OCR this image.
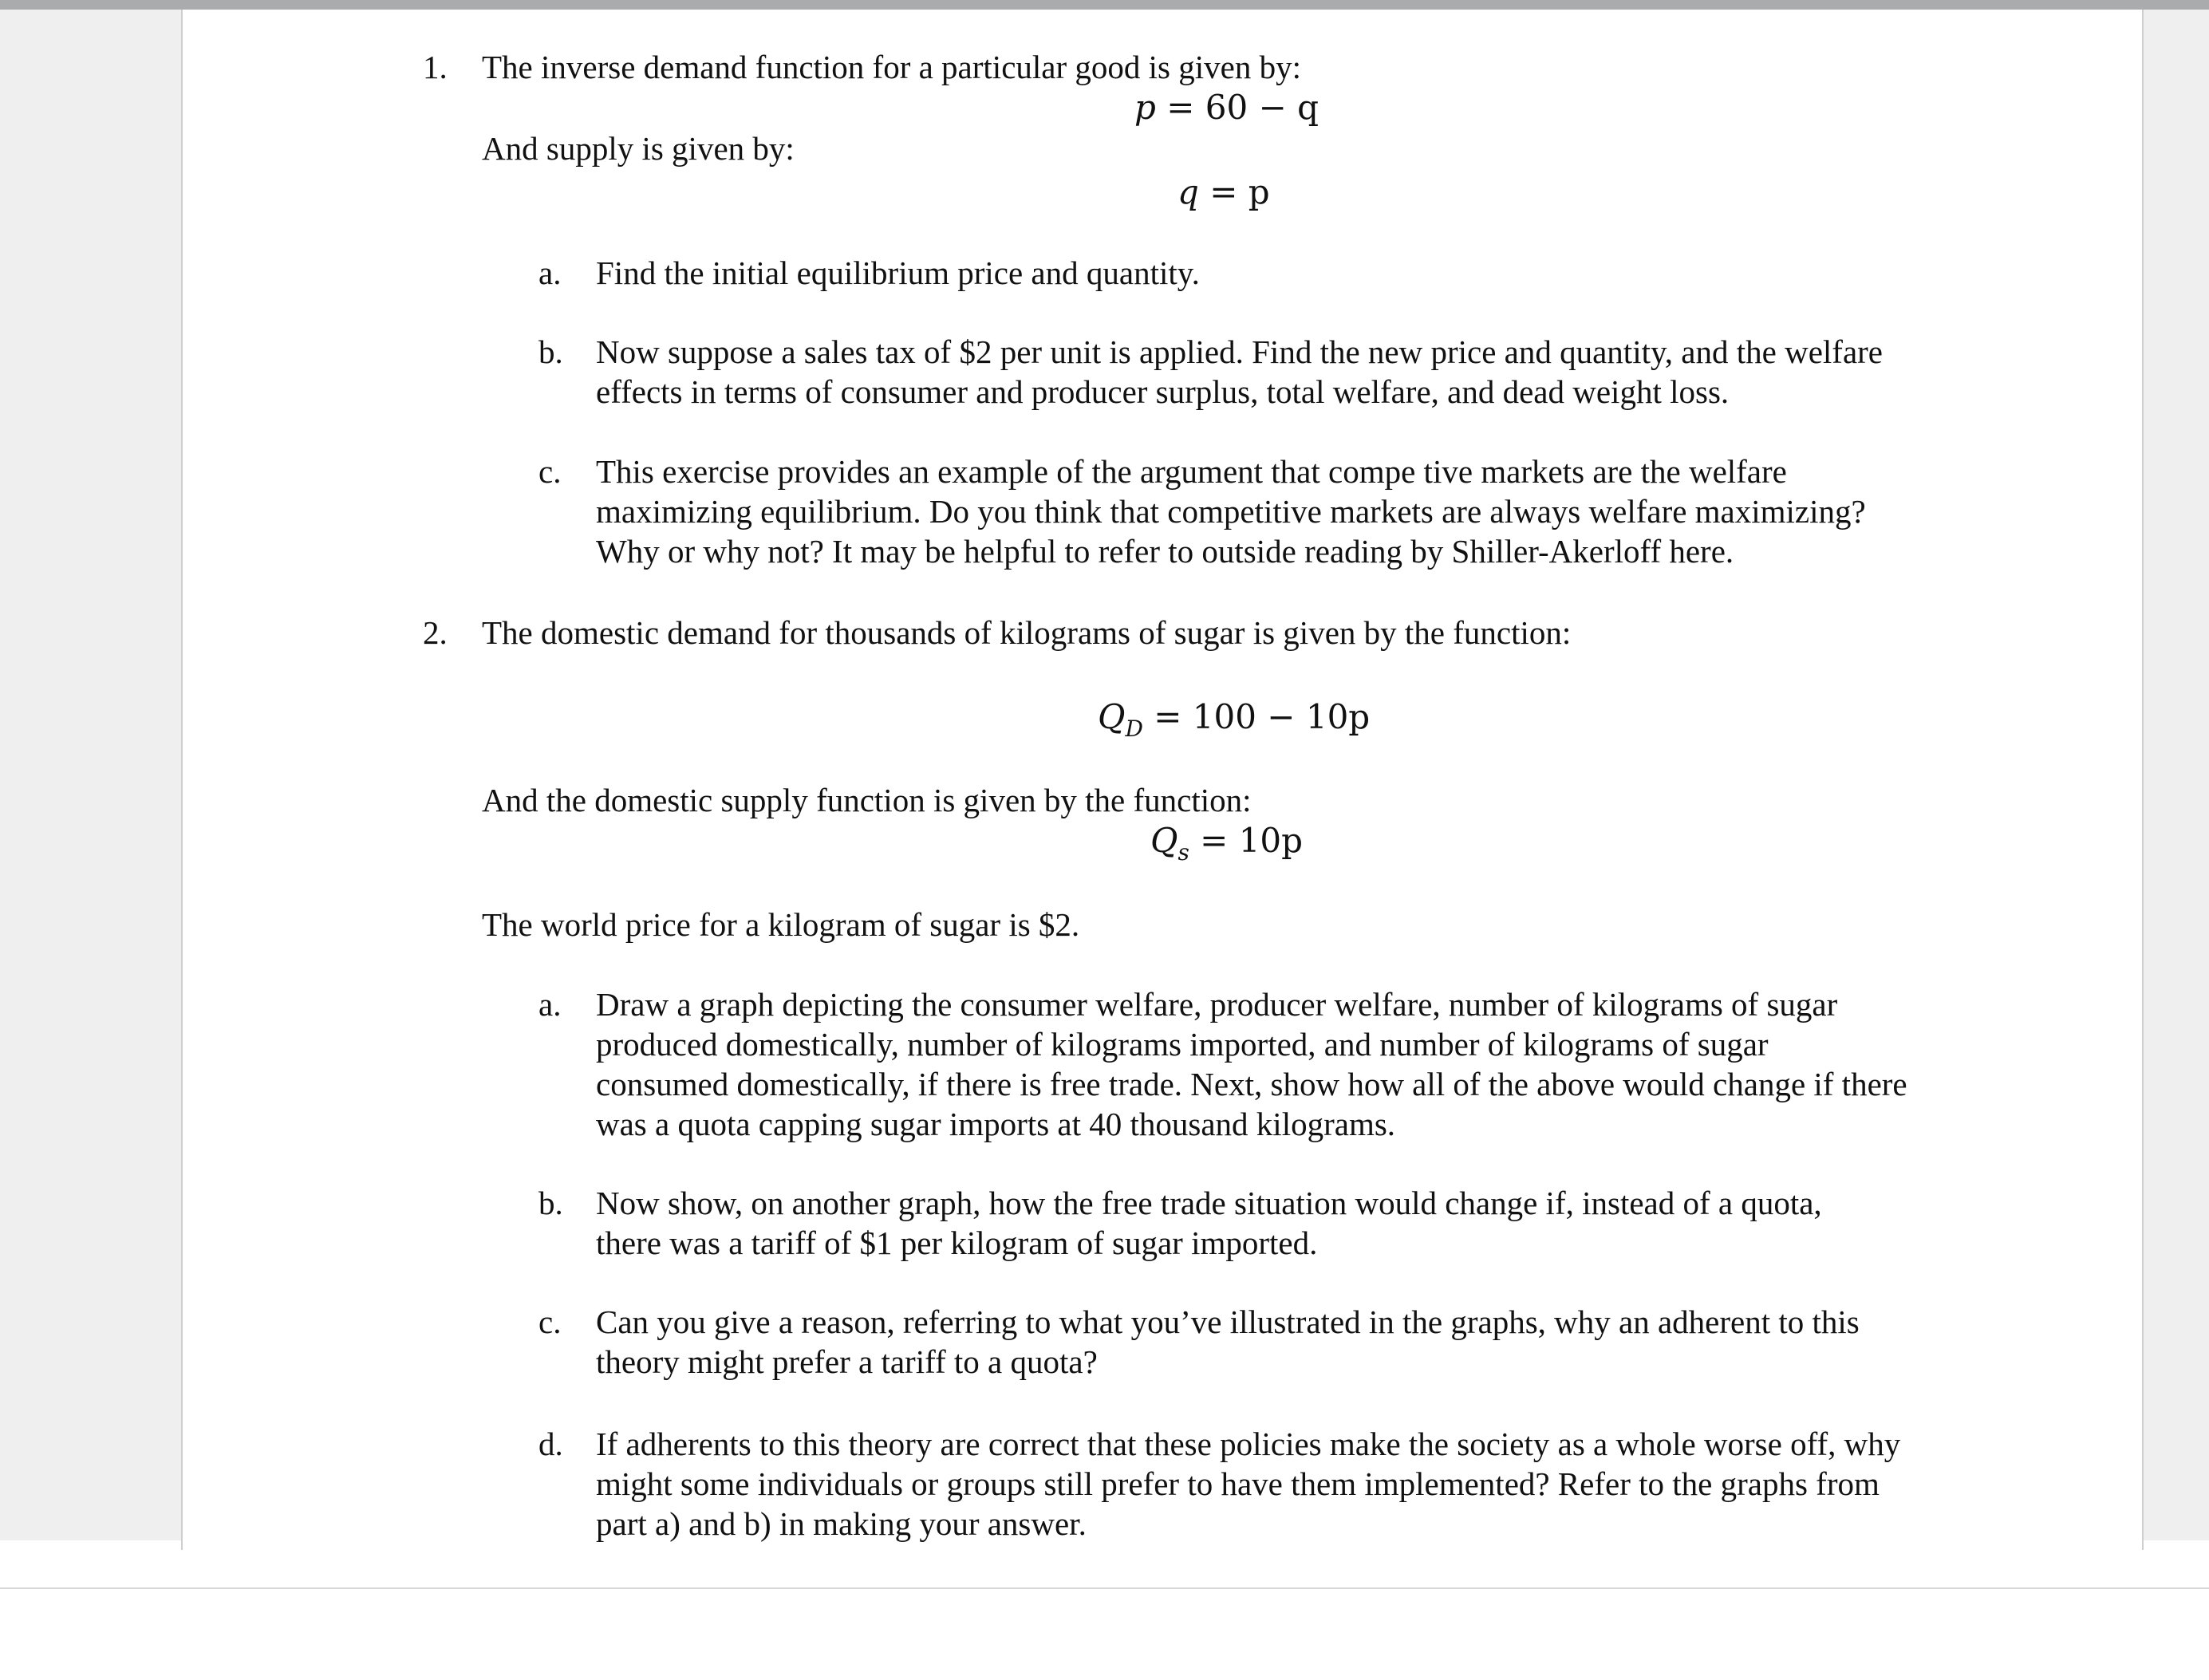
1. The inverse demand function for a particular good is given by:
p = 60 − q
And supply is given by:
q = p
a. Find the initial equilibrium price and quantity.
b. Now suppose a sales tax of $2 per unit is applied. Find the new price and quantity, and the welfare
effects in terms of consumer and producer surplus, total welfare, and dead weight loss.
c. This exercise provides an example of the argument that compe tive markets are the welfare
maximizing equilibrium. Do you think that competitive markets are always welfare maximizing?
Why or why not? It may be helpful to refer to outside reading by Shiller-Akerloff here.
2. The domestic demand for thousands of kilograms of sugar is given by the function:
$Q_D = 100 - 10p$
And the domestic supply function is given by the function:
$Q_s = 10p$
The world price for a kilogram of sugar is $2.
a. Draw a graph depicting the consumer welfare, producer welfare, number of kilograms of sugar
produced domestically, number of kilograms imported, and number of kilograms of sugar
consumed domestically, if there is free trade. Next, show how all of the above would change if there
was a quota capping sugar imports at 40 thousand kilograms.
b. Now show, on another graph, how the free trade situation would change if, instead of a quota,
there was a tariff of $1 per kilogram of sugar imported.
c. Can you give a reason, referring to what you’ve illustrated in the graphs, why an adherent to this
theory might prefer a tariff to a quota?
d. If adherents to this theory are correct that these policies make the society as a whole worse off, why
might some individuals or groups still prefer to have them implemented? Refer to the graphs from
part a) and b) in making your answer.
